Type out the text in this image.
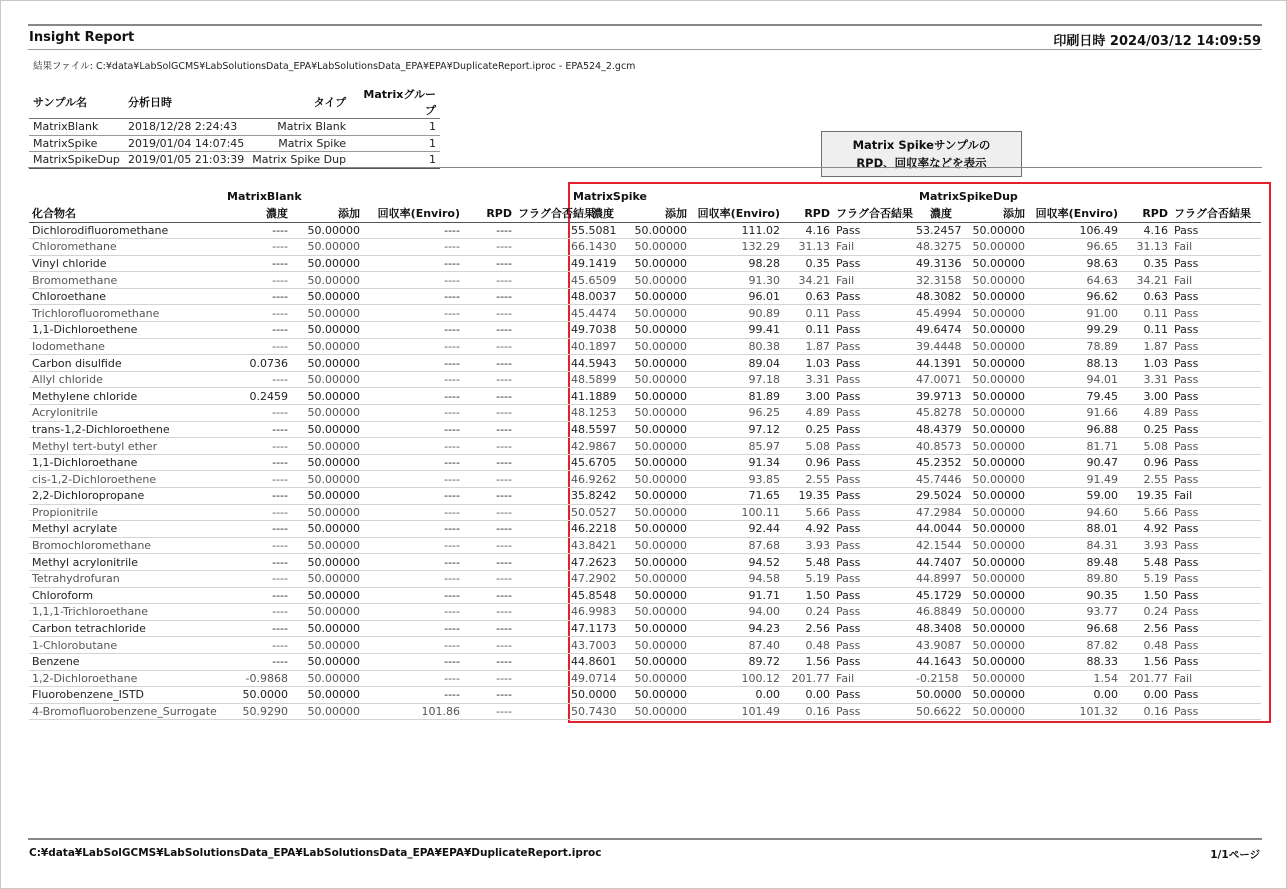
Insight Report	印刷日時 2024/03/12 14:09:59
結果ファイル: C:¥data¥LabSolGCMS¥LabSolutionsData_EPA¥LabSolutionsData_EPA¥EPA¥DuplicateReport.iproc - EPA524_2.gcm
サンプル名	分析日時	タイプ	Matrixグループ
MatrixBlank	2018/12/28 2:24:43	Matrix Blank	1
MatrixSpike	2019/01/04 14:07:45	Matrix Spike	1
MatrixSpikeDup	2019/01/05 21:03:39	Matrix Spike Dup	1
Matrix Spikeサンプルの
RPD、回収率などを表示
MatrixBlank	MatrixSpike	MatrixSpikeDup
化合物名	濃度	添加	回収率(Enviro)	RPD	フラグ合否結果	濃度	添加	回収率(Enviro)	RPD	フラグ合否結果	濃度	添加	回収率(Enviro)	RPD	フラグ合否結果
Dichlorodifluoromethane	----	50.00000	----	----		55.5081	50.00000	111.02	4.16	Pass	53.2457	50.00000	106.49	4.16	Pass
Chloromethane	----	50.00000	----	----		66.1430	50.00000	132.29	31.13	Fail	48.3275	50.00000	96.65	31.13	Fail
Vinyl chloride	----	50.00000	----	----		49.1419	50.00000	98.28	0.35	Pass	49.3136	50.00000	98.63	0.35	Pass
Bromomethane	----	50.00000	----	----		45.6509	50.00000	91.30	34.21	Fail	32.3158	50.00000	64.63	34.21	Fail
Chloroethane	----	50.00000	----	----		48.0037	50.00000	96.01	0.63	Pass	48.3082	50.00000	96.62	0.63	Pass
Trichlorofluoromethane	----	50.00000	----	----		45.4474	50.00000	90.89	0.11	Pass	45.4994	50.00000	91.00	0.11	Pass
1,1-Dichloroethene	----	50.00000	----	----		49.7038	50.00000	99.41	0.11	Pass	49.6474	50.00000	99.29	0.11	Pass
Iodomethane	----	50.00000	----	----		40.1897	50.00000	80.38	1.87	Pass	39.4448	50.00000	78.89	1.87	Pass
Carbon disulfide	0.0736	50.00000	----	----		44.5943	50.00000	89.04	1.03	Pass	44.1391	50.00000	88.13	1.03	Pass
Allyl chloride	----	50.00000	----	----		48.5899	50.00000	97.18	3.31	Pass	47.0071	50.00000	94.01	3.31	Pass
Methylene chloride	0.2459	50.00000	----	----		41.1889	50.00000	81.89	3.00	Pass	39.9713	50.00000	79.45	3.00	Pass
Acrylonitrile	----	50.00000	----	----		48.1253	50.00000	96.25	4.89	Pass	45.8278	50.00000	91.66	4.89	Pass
trans-1,2-Dichloroethene	----	50.00000	----	----		48.5597	50.00000	97.12	0.25	Pass	48.4379	50.00000	96.88	0.25	Pass
Methyl tert-butyl ether	----	50.00000	----	----		42.9867	50.00000	85.97	5.08	Pass	40.8573	50.00000	81.71	5.08	Pass
1,1-Dichloroethane	----	50.00000	----	----		45.6705	50.00000	91.34	0.96	Pass	45.2352	50.00000	90.47	0.96	Pass
cis-1,2-Dichloroethene	----	50.00000	----	----		46.9262	50.00000	93.85	2.55	Pass	45.7446	50.00000	91.49	2.55	Pass
2,2-Dichloropropane	----	50.00000	----	----		35.8242	50.00000	71.65	19.35	Pass	29.5024	50.00000	59.00	19.35	Fail
Propionitrile	----	50.00000	----	----		50.0527	50.00000	100.11	5.66	Pass	47.2984	50.00000	94.60	5.66	Pass
Methyl acrylate	----	50.00000	----	----		46.2218	50.00000	92.44	4.92	Pass	44.0044	50.00000	88.01	4.92	Pass
Bromochloromethane	----	50.00000	----	----		43.8421	50.00000	87.68	3.93	Pass	42.1544	50.00000	84.31	3.93	Pass
Methyl acrylonitrile	----	50.00000	----	----		47.2623	50.00000	94.52	5.48	Pass	44.7407	50.00000	89.48	5.48	Pass
Tetrahydrofuran	----	50.00000	----	----		47.2902	50.00000	94.58	5.19	Pass	44.8997	50.00000	89.80	5.19	Pass
Chloroform	----	50.00000	----	----		45.8548	50.00000	91.71	1.50	Pass	45.1729	50.00000	90.35	1.50	Pass
1,1,1-Trichloroethane	----	50.00000	----	----		46.9983	50.00000	94.00	0.24	Pass	46.8849	50.00000	93.77	0.24	Pass
Carbon tetrachloride	----	50.00000	----	----		47.1173	50.00000	94.23	2.56	Pass	48.3408	50.00000	96.68	2.56	Pass
1-Chlorobutane	----	50.00000	----	----		43.7003	50.00000	87.40	0.48	Pass	43.9087	50.00000	87.82	0.48	Pass
Benzene	----	50.00000	----	----		44.8601	50.00000	89.72	1.56	Pass	44.1643	50.00000	88.33	1.56	Pass
1,2-Dichloroethane	-0.9868	50.00000	----	----		49.0714	50.00000	100.12	201.77	Fail	-0.2158	50.00000	1.54	201.77	Fail
Fluorobenzene_ISTD	50.0000	50.00000	----	----		50.0000	50.00000	0.00	0.00	Pass	50.0000	50.00000	0.00	0.00	Pass
4-Bromofluorobenzene_Surrogate	50.9290	50.00000	101.86	----		50.7430	50.00000	101.49	0.16	Pass	50.6622	50.00000	101.32	0.16	Pass
C:¥data¥LabSolGCMS¥LabSolutionsData_EPA¥LabSolutionsData_EPA¥EPA¥DuplicateReport.iproc	1/1ページ
